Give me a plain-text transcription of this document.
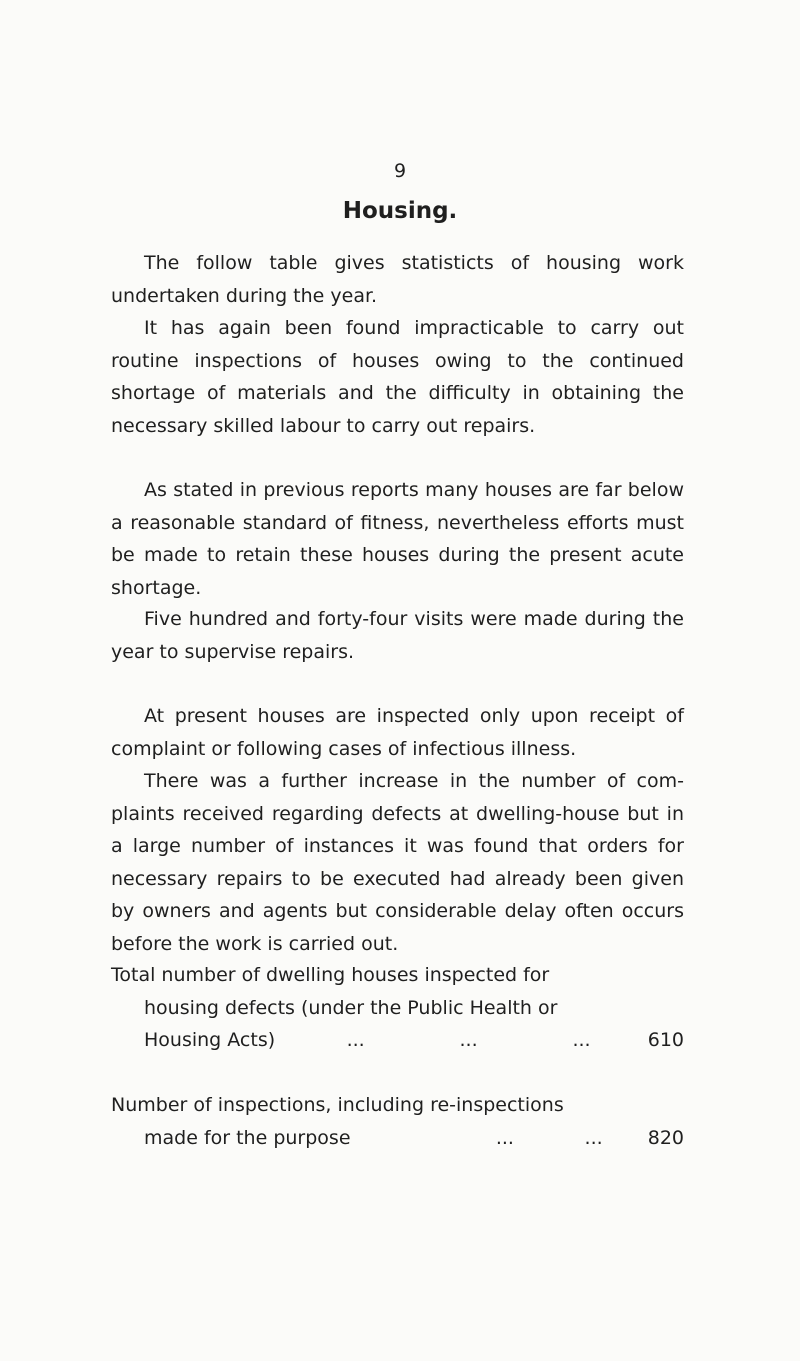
9
Housing.

The follow table gives statisticts of housing work undertaken during the year.

It has again been found impracticable to carry out routine inspections of houses owing to the continued shortage of materials and the difficulty in obtaining the necessary skilled labour to carry out repairs.

As stated in previous reports many houses are far below a reasonable standard of fitness, nevertheless efforts must be made to retain these houses during the present acute shortage.

Five hundred and forty-four visits were made during the year to supervise repairs.

At present houses are inspected only upon receipt of complaint or following cases of infectious illness.

There was a further increase in the number of com- plaints received regarding defects at dwelling-house but in a large number of instances it was found that orders for necessary repairs to be executed had already been given by owners and agents but considerable delay often occurs before the work is carried out.

Total number of dwelling houses inspected for
housing defects (under the Public Health or
Housing Acts)	...	...	...	610
Number of inspections, including re-inspections
made for the purpose	...	... 820
